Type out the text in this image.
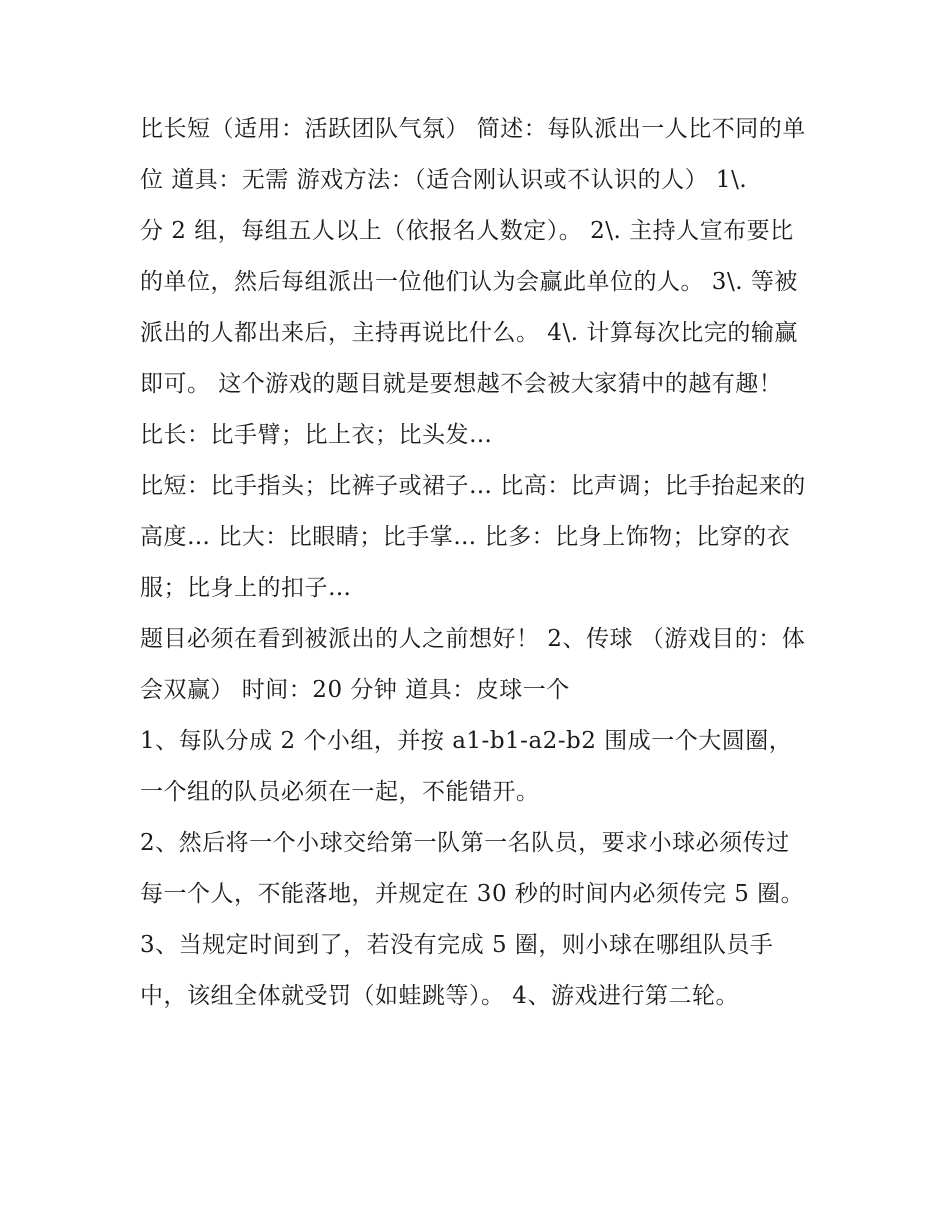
比长短（适用：活跃团队气氛） 简述：每队派出一人比不同的单位 道具：无需 游戏方法：（适合刚认识或不认识的人） 1\.

分 2 组，每组五人以上（依报名人数定）。 2\. 主持人宣布要比的单位，然后每组派出一位他们认为会赢此单位的人。 3\. 等被派出的人都出来后，主持再说比什么。 4\. 计算每次比完的输赢即可。 这个游戏的题目就是要想越不会被大家猜中的越有趣！ 比长：比手臂；比上衣；比头发…

比短：比手指头；比裤子或裙子… 比高：比声调；比手抬起来的高度… 比大：比眼睛；比手掌… 比多：比身上饰物；比穿的衣服；比身上的扣子…

题目必须在看到被派出的人之前想好！ 2、传球 （游戏目的：体会双赢） 时间：20 分钟 道具：皮球一个

1、每队分成 2 个小组，并按 a1-b1-a2-b2 围成一个大圆圈，一个组的队员必须在一起，不能错开。

2、然后将一个小球交给第一队第一名队员，要求小球必须传过每一个人，不能落地，并规定在 30 秒的时间内必须传完 5 圈。

3、当规定时间到了，若没有完成 5 圈，则小球在哪组队员手中，该组全体就受罚（如蛙跳等）。 4、游戏进行第二轮。
